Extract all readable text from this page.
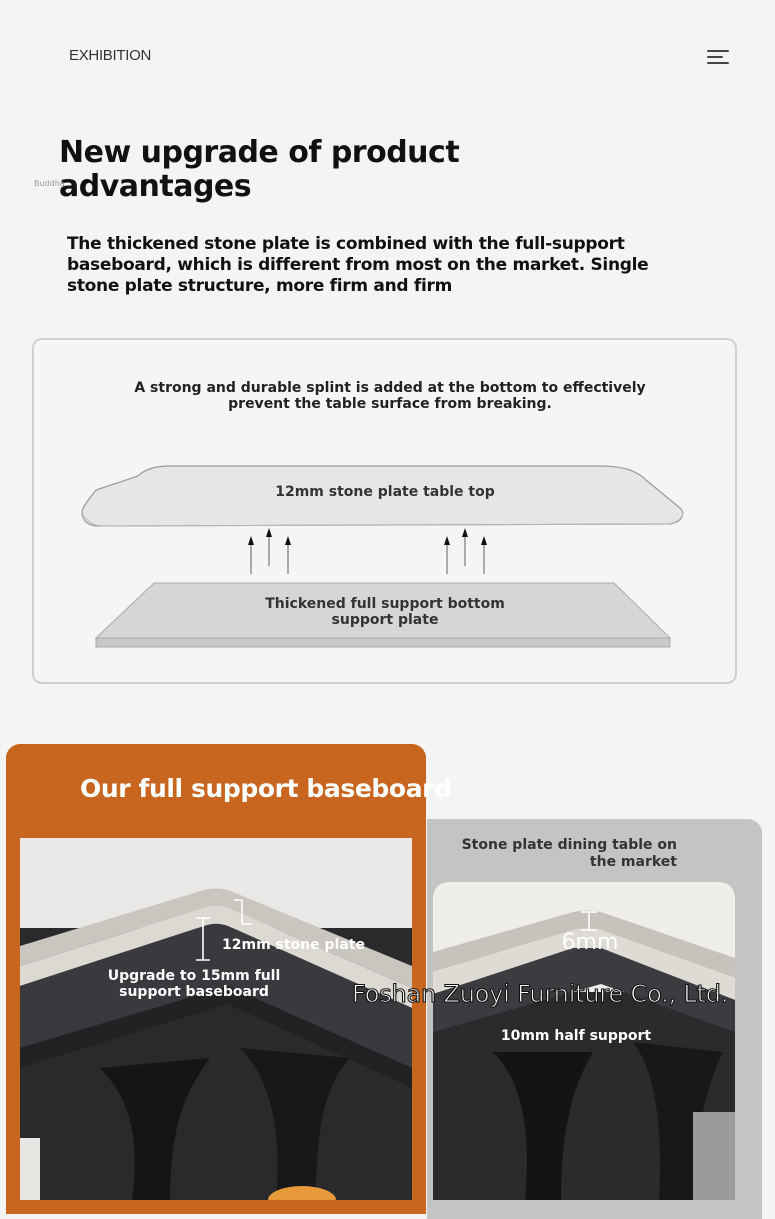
EXHIBITION
New upgrade of product advantages
Buddha
The thickened stone plate is combined with the full-support baseboard, which is different from most on the market. Single stone plate structure, more firm and firm
A strong and durable splint is added at the bottom to effectively prevent the table surface from breaking.
12mm stone plate table top
Thickened full support bottom support plate
Our full support baseboard
12mm stone plate
Upgrade to 15mm full support baseboard
Stone plate dining table on the market
6mm
10mm half support
Foshan Zuoyi Furniture Co., Ltd.
